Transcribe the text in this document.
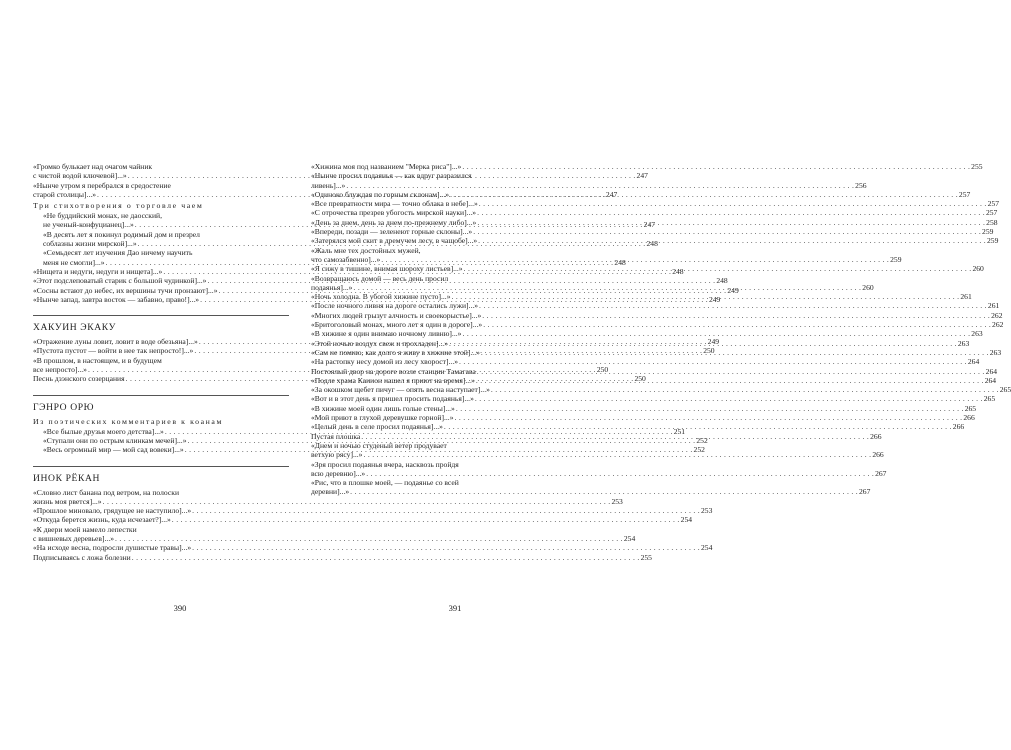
«Громко булькает над очагом чайник
с чистой водой ключевой]...» . . .	247
«Нынче утром я перебрался в средостение
старой столицы]...» . . .	247
Три стихотворения о торговле чаем
«Не буддийский монах, не даосский,
не ученый-конфуцианец]...» . . .	247
«В десять лет я покинул родимый дом и презрел
соблазны жизни мирской]...» . . .	248
«Семьдесят лет изучения Дао ничему научить
меня не смогли]...» . . .	248
«Нищета и недуги, недуги и нищета]...» . . .	248
«Этот подслеповатый старик с большой чудинкой]...» . . .	248
«Сосны встают до небес, их вершины тучи пронзают]...» . . .	249
«Нынче запад, завтра восток — забавно, право!]...» . . .	249
ХАКУИН ЭКАКУ
«Отражение луны ловит, ловит в воде обезьяна]...» . . .	249
«Пустота пустот — войти в нее так непросто!]...» . . .	250
«В прошлом, в настоящем, и в будущем
все непросто]...» . . .	250
Песнь дзэнского созерцания . . .	250
ГЭНРО ОРЮ
Из поэтических комментариев к коанам
«Все былые друзья моего детства]...» . . .	251
«Ступали они по острым клинкам мечей]...» . . .	252
«Весь огромный мир — мой сад вовеки]...» . . .	252
ИНОК РЁКАН
«Словно лист банана под ветром, на полоски
жизнь моя рвется]...» . . .	253
«Прошлое миновало, грядущее не наступило]...» . . .	253
«Откуда берется жизнь, куда исчезает?]...» . . .	254
«К двери моей намело лепестки
с вишневых деревьев]...» . . .	254
«На исходе весна, подросли душистые травы]...» . . .	254
Подписываясь с ложа болезни . . .	255
«Хижина моя под названием "Мерка риса"]...» . . .	255
«Нынче просил подаянья — как вдруг разразился
ливень]...» . . .	256
«Одиноко блуждая по горным склонам]...» . . .	257
«Все превратности мира — точно облака в небе]...» . . .	257
«С отрочества презрев убогость мирской науки]...» . . .	257
«День за днем, день за днем по-прежнему либо]...» . . .	258
«Впереди, позади — зеленеют горные склоны]...» . . .	259
«Затерялся мой скит в дремучем лесу, в чащобе]...» . . .	259
«Жаль мне тех достойных мужей,
что самозабвенно]...» . . .	259
«Я сижу в тишине, внимая шороху листьев]...» . . .	260
«Возвращаюсь домой — весь день просил
подаянья]...» . . .	260
«Ночь холодна. В убогой хижине пусто]...» . . .	261
«После ночного ливня на дороге остались лужи]...» . . .	261
«Многих людей грызут алчность и своекорыстье]...» . . .	262
«Бритоголовый монах, много лет я один в дороге]...» . . .	262
«В хижине я один внимаю ночному ливню]...» . . .	263
«Этой ночью воздух свеж и прохладен]...» . . .	263
«Сам не помню, как долго я живу в хижине этой]...» . . .	263
«На растопку несу домой из лесу хворост]...» . . .	264
Постоялый двор на дороге возле станции Тамагава . . .	264
«Подле храма Каннон нашел я приют на время]...» . . .	264
«За окошком щебет пичуг — опять весна наступает]...» . . .	265
«Вот и в этот день я пришел просить подаянья]...» . . .	265
«В хижине моей один лишь голые стены]...» . . .	265
«Мой приют в глухой деревушке горной]...» . . .	266
«Целый день в селе просил подаянья]...» . . .	266
Пустая плошка . . .	266
«Днем и ночью студеный ветер продувает
ветхую рясу]...» . . .	266
«Зря просил подаянья вчера, насквозь пройдя
всю деревню]...» . . .	267
«Рис, что в плошке моей, — подаянье со всей
деревни]...» . . .	267
390	391
